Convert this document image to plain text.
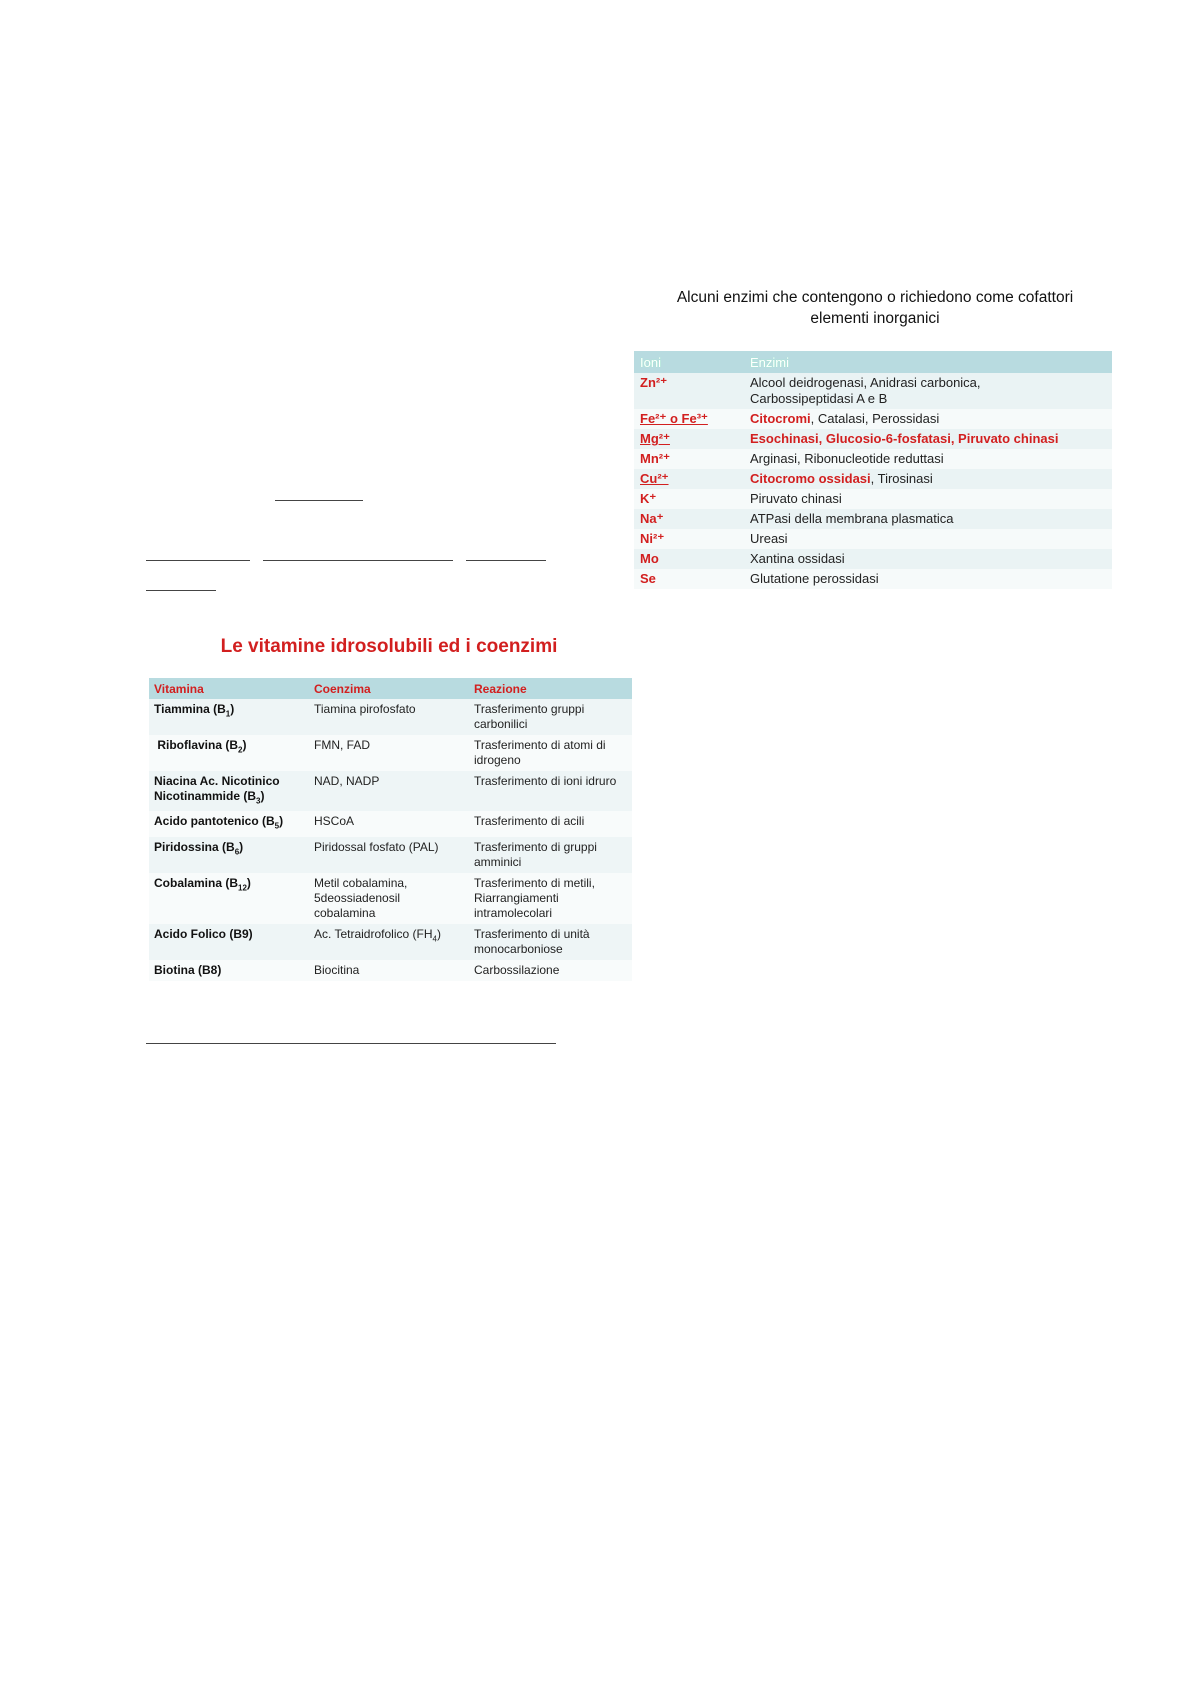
Alcuni enzimi che contengono o richiedono come cofattori
elementi inorganici
Ioni	Enzimi
Zn²⁺	Alcool deidrogenasi, Anidrasi carbonica,
Carbossipeptidasi A e B

Fe²⁺ o Fe³⁺	Citocromi, Catalasi, Perossidasi
Mg²⁺	Esochinasi, Glucosio-6-fosfatasi, Piruvato chinasi
Mn²⁺	Arginasi, Ribonucleotide reduttasi
Cu²⁺	Citocromo ossidasi, Tirosinasi
K⁺	Piruvato chinasi
Na⁺	ATPasi della membrana plasmatica
Ni²⁺	Ureasi
Mo	Xantina ossidasi
Se	Glutatione perossidasi
Le vitamine idrosolubili ed i coenzimi
Vitamina	Coenzima	Reazione
Tiammina $(B_1)$	Tiamina pirofosfato	Trasferimento gruppi carbonilici
Riboflavina $(B_2)$	FMN, FAD	Trasferimento di atomi di idrogeno

Niacina Ac. Nicotinico
Nicotinammide $(B_3)$	NAD, NADP	Trasferimento di ioni idruro
Acido pantotenico $(B_5)$	HSCoA	Trasferimento di acili
Piridossina $(B_6)$	Piridossal fosfato (PAL)	Trasferimento di gruppi amminici
Cobalamina $(B_{12})$	Metil cobalamina, 5deossiadenosil cobalamina	Trasferimento di metili, Riarrangiamenti intramolecolari
Acido Folico (B9)	Ac. Tetraidrofolico $(FH_4)$	Trasferimento di unità monocarboniose
Biotina (B8)	Biocitina	Carbossilazione
